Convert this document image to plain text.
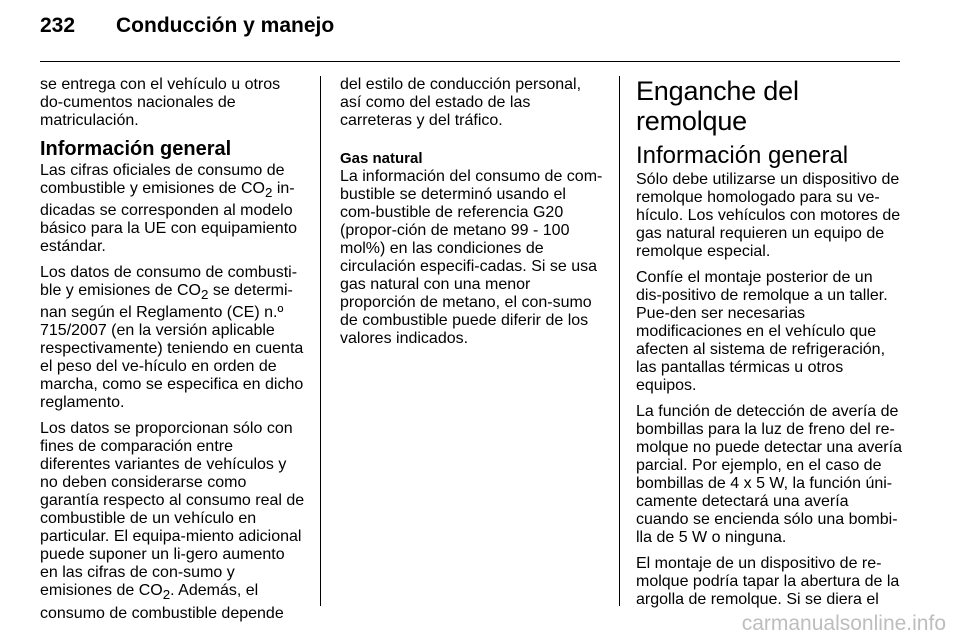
232 Conducción y manejo

se entrega con el vehículo u otros do-cumentos nacionales de matriculación.

Información general

Las cifras oficiales de consumo de combustible y emisiones de $CO_2$ in-dicadas se corresponden al modelo básico para la UE con equipamiento estándar.

Los datos de consumo de combusti-ble y emisiones de $CO_2$ se determi-nan según el Reglamento (CE) n.º 715/2007 (en la versión aplicable respectivamente) teniendo en cuenta el peso del ve-hículo en orden de marcha, como se especifica en dicho reglamento.

Los datos se proporcionan sólo con fines de comparación entre diferentes variantes de vehículos y no deben considerarse como garantía respecto al consumo real de combustible de un vehículo en particular. El equipa-miento adicional puede suponer un li-gero aumento en las cifras de con-sumo y emisiones de $CO_2$. Además, el consumo de combustible depende

del estilo de conducción personal, así como del estado de las carreteras y del tráfico.

Gas natural

La información del consumo de com-bustible se determinó usando el com-bustible de referencia G20 (propor-ción de metano 99 - 100 mol%) en las condiciones de circulación especifi-cadas. Si se usa gas natural con una menor proporción de metano, el con-sumo de combustible puede diferir de los valores indicados.

Enganche del remolque
Información general

Sólo debe utilizarse un dispositivo de remolque homologado para su ve-hículo. Los vehículos con motores de gas natural requieren un equipo de remolque especial.

Confíe el montaje posterior de un dis-positivo de remolque a un taller. Pue-den ser necesarias modificaciones en el vehículo que afecten al sistema de refrigeración, las pantallas térmicas u otros equipos.

La función de detección de avería de bombillas para la luz de freno del re-molque no puede detectar una avería parcial. Por ejemplo, en el caso de bombillas de 4 x 5 W, la función úni-camente detectará una avería cuando se encienda sólo una bombi-lla de 5 W o ninguna.

El montaje de un dispositivo de re-molque podría tapar la abertura de la argolla de remolque. Si se diera el

carmanualsonline.info
